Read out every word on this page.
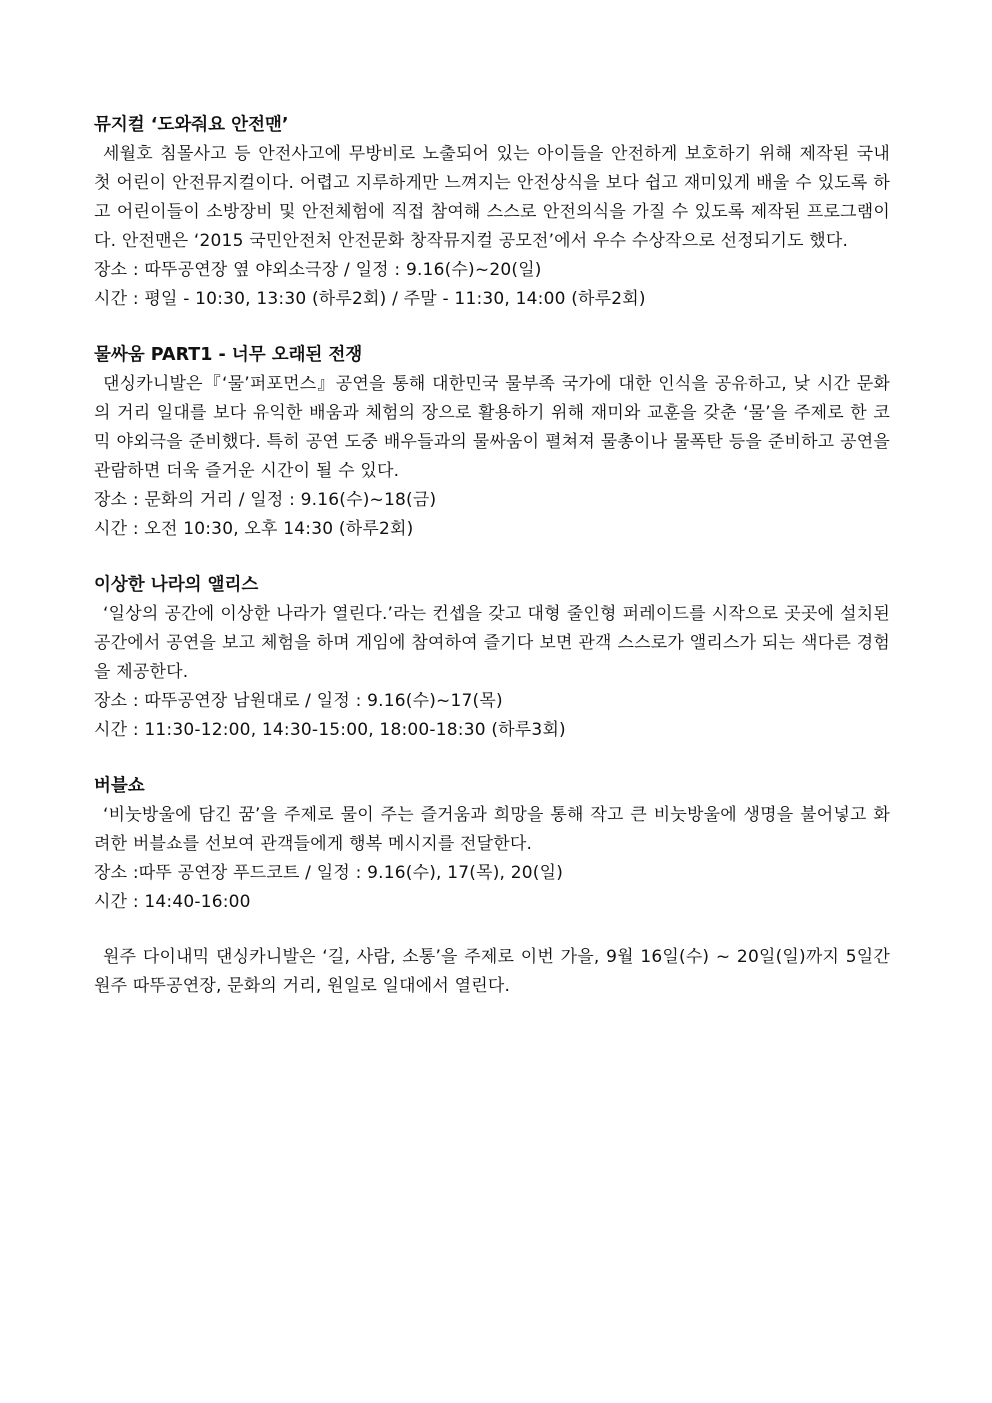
뮤지컬 ‘도와줘요 안전맨’

세월호 침몰사고 등 안전사고에 무방비로 노출되어 있는 아이들을 안전하게 보호하기 위해 제작된 국내 첫 어린이 안전뮤지컬이다. 어렵고 지루하게만 느껴지는 안전상식을 보다 쉽고 재미있게 배울 수 있도록 하고 어린이들이 소방장비 및 안전체험에 직접 참여해 스스로 안전의식을 가질 수 있도록 제작된 프로그램이다. 안전맨은 ‘2015 국민안전처 안전문화 창작뮤지컬 공모전’에서 우수 수상작으로 선정되기도 했다.

장소 : 따뚜공연장 옆 야외소극장 / 일정 : 9.16(수)~20(일)

시간 : 평일 - 10:30, 13:30 (하루2회) / 주말 - 11:30, 14:00 (하루2회)

물싸움 PART1 - 너무 오래된 전쟁

댄싱카니발은『‘물’퍼포먼스』공연을 통해 대한민국 물부족 국가에 대한 인식을 공유하고, 낮 시간 문화의 거리 일대를 보다 유익한 배움과 체험의 장으로 활용하기 위해 재미와 교훈을 갖춘 ‘물’을 주제로 한 코믹 야외극을 준비했다. 특히 공연 도중 배우들과의 물싸움이 펼쳐져 물총이나 물폭탄 등을 준비하고 공연을 관람하면 더욱 즐거운 시간이 될 수 있다.

장소 : 문화의 거리 / 일정 : 9.16(수)~18(금)

시간 : 오전 10:30, 오후 14:30 (하루2회)

이상한 나라의 앨리스

‘일상의 공간에 이상한 나라가 열린다.’라는 컨셉을 갖고 대형 줄인형 퍼레이드를 시작으로 곳곳에 설치된 공간에서 공연을 보고 체험을 하며 게임에 참여하여 즐기다 보면 관객 스스로가 앨리스가 되는 색다른 경험을 제공한다.

장소 : 따뚜공연장 남원대로 / 일정 : 9.16(수)~17(목)

시간 : 11:30-12:00, 14:30-15:00, 18:00-18:30 (하루3회)

버블쇼

‘비눗방울에 담긴 꿈’을 주제로 물이 주는 즐거움과 희망을 통해 작고 큰 비눗방울에 생명을 불어넣고 화려한 버블쇼를 선보여 관객들에게 행복 메시지를 전달한다.

장소 :따뚜 공연장 푸드코트 / 일정 : 9.16(수), 17(목), 20(일)

시간 : 14:40-16:00

원주 다이내믹 댄싱카니발은 ‘길, 사람, 소통’을 주제로 이번 가을, 9월 16일(수) ~ 20일(일)까지 5일간 원주 따뚜공연장, 문화의 거리, 원일로 일대에서 열린다.
